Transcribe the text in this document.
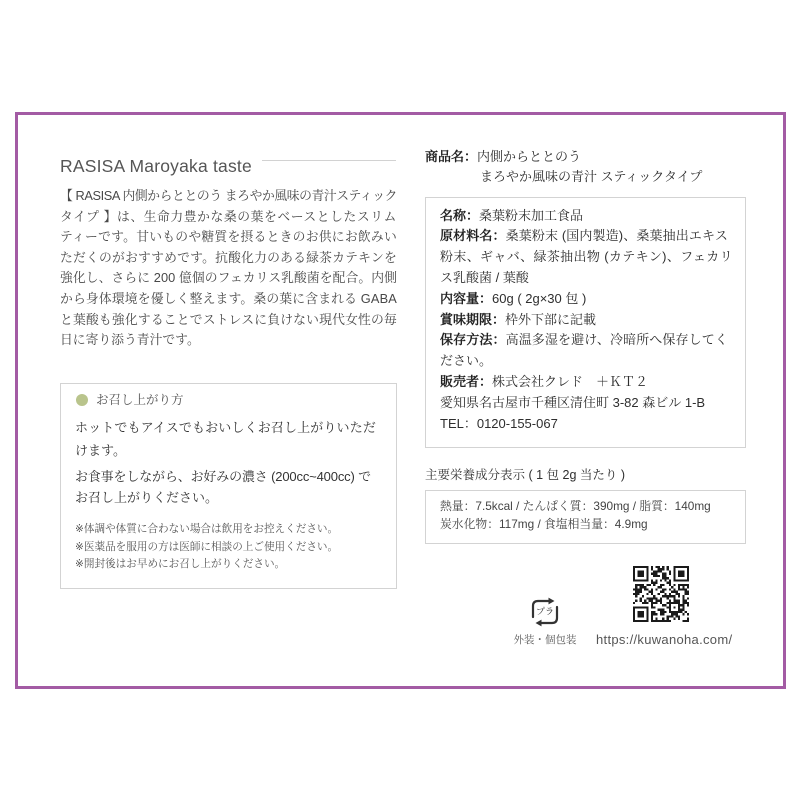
RASISA Maroyaka taste
【 RASISA 内側からととのう まろやか風味の青汁スティック
タイプ 】は、生命力豊かな桑の葉をベースとしたスリム
ティーです。甘いものや糖質を摂るときのお供にお飲みい
ただくのがおすすめです。抗酸化力のある緑茶カテキンを
強化し、さらに 200 億個のフェカリス乳酸菌を配合。内側
から身体環境を優しく整えます。桑の葉に含まれる GABA
と葉酸も強化することでストレスに負けない現代女性の毎
日に寄り添う青汁です。
お召し上がり方
ホットでもアイスでもおいしくお召し上がりいただ
けます。
お食事をしながら、お好みの濃さ (200cc~400cc) で
お召し上がりください。
※体調や体質に合わない場合は飲用をお控えください。
※医薬品を服用の方は医師に相談の上ご使用ください。
※開封後はお早めにお召し上がりください。
商品名：内側からととのう
まろやか風味の青汁 スティックタイプ
名称：桑葉粉末加工食品
原材料名：桑葉粉末 (国内製造)、桑葉抽出エキス
粉末、ギャバ、緑茶抽出物 (カテキン)、フェカリ
ス乳酸菌 / 葉酸
内容量：60g ( 2g×30 包 )
賞味期限：枠外下部に記載
保存方法：高温多湿を避け、冷暗所へ保存してく
ださい。
販売者：株式会社クレド　＋ＫＴ２
愛知県名古屋市千種区清住町 3-82 森ビル 1-B
TEL：0120-155-067
主要栄養成分表示 ( 1 包 2g 当たり )
熱量：7.5kcal / たんぱく質：390mg / 脂質：140mg
炭水化物：117mg / 食塩相当量：4.9mg
プラ
外装・個包装	https://kuwanoha.com/
